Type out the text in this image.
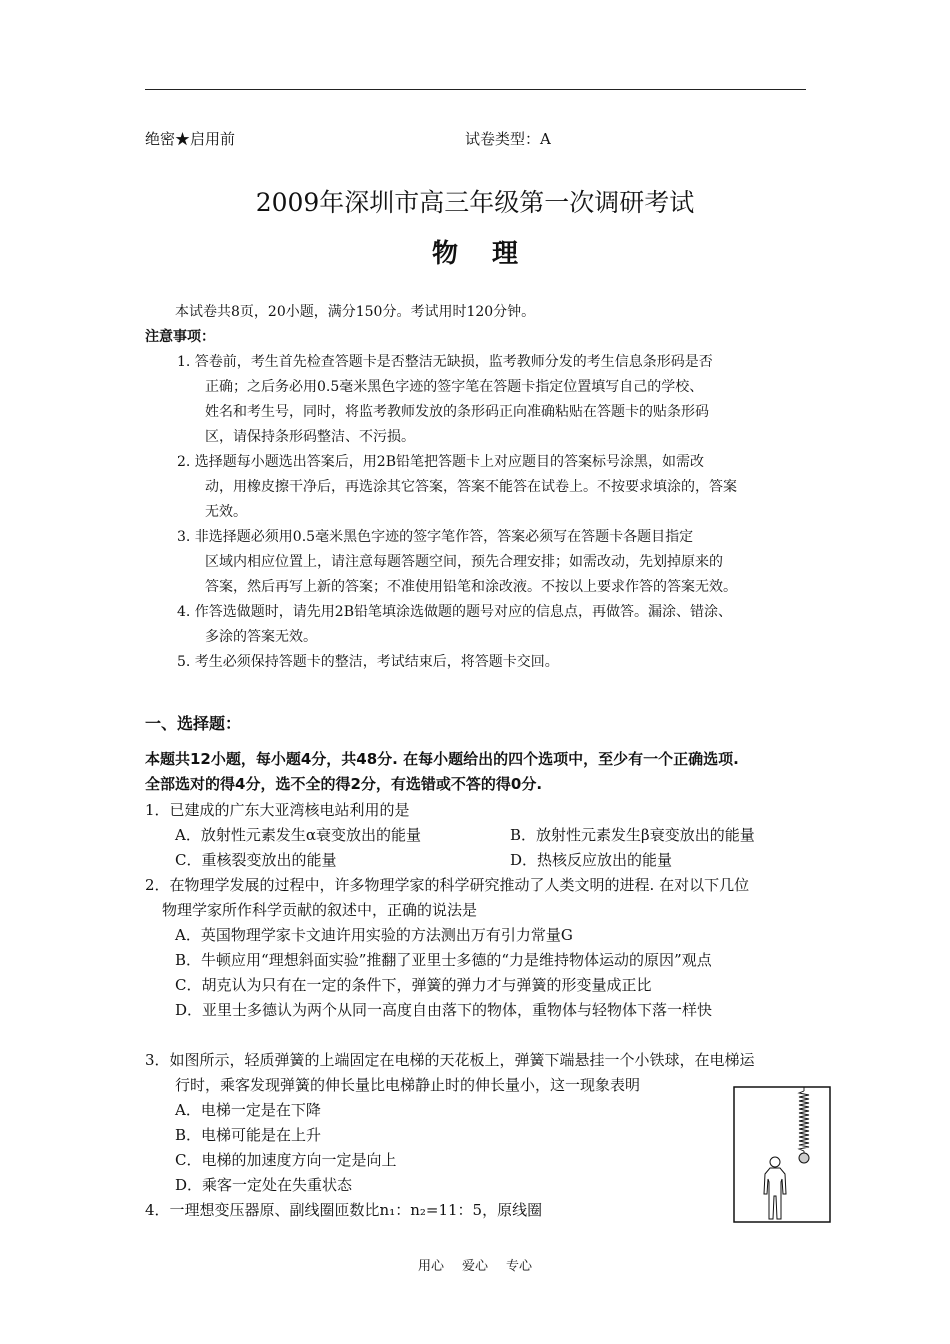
绝密★启用前	试卷类型：A
2009年深圳市高三年级第一次调研考试
物理
本试卷共8页，20小题，满分150分。考试用时120分钟。
注意事项：
1. 答卷前，考生首先检查答题卡是否整洁无缺损，监考教师分发的考生信息条形码是否
正确；之后务必用0.5毫米黑色字迹的签字笔在答题卡指定位置填写自己的学校、
姓名和考生号，同时，将监考教师发放的条形码正向准确粘贴在答题卡的贴条形码
区，请保持条形码整洁、不污损。
2. 选择题每小题选出答案后，用2B铅笔把答题卡上对应题目的答案标号涂黑，如需改
动，用橡皮擦干净后，再选涂其它答案，答案不能答在试卷上。不按要求填涂的，答案
无效。
3. 非选择题必须用0.5毫米黑色字迹的签字笔作答，答案必须写在答题卡各题目指定
区域内相应位置上，请注意每题答题空间，预先合理安排；如需改动，先划掉原来的
答案，然后再写上新的答案；不准使用铅笔和涂改液。不按以上要求作答的答案无效。
4. 作答选做题时，请先用2B铅笔填涂选做题的题号对应的信息点，再做答。漏涂、错涂、
多涂的答案无效。
5. 考生必须保持答题卡的整洁，考试结束后，将答题卡交回。
一、选择题：
本题共12小题，每小题4分，共48分. 在每小题给出的四个选项中，至少有一个正确选项.
全部选对的得4分，选不全的得2分，有选错或不答的得0分.
1．已建成的广东大亚湾核电站利用的是
A．放射性元素发生α衰变放出的能量	B．放射性元素发生β衰变放出的能量
C．重核裂变放出的能量	D．热核反应放出的能量
2．在物理学发展的过程中，许多物理学家的科学研究推动了人类文明的进程. 在对以下几位
物理学家所作科学贡献的叙述中，正确的说法是
A．英国物理学家卡文迪许用实验的方法测出万有引力常量G
B．牛顿应用“理想斜面实验”推翻了亚里士多德的“力是维持物体运动的原因”观点
C．胡克认为只有在一定的条件下，弹簧的弹力才与弹簧的形变量成正比
D．亚里士多德认为两个从同一高度自由落下的物体，重物体与轻物体下落一样快
3．如图所示，轻质弹簧的上端固定在电梯的天花板上，弹簧下端悬挂一个小铁球，在电梯运
行时，乘客发现弹簧的伸长量比电梯静止时的伸长量小，这一现象表明
A．电梯一定是在下降
B．电梯可能是在上升
C．电梯的加速度方向一定是向上
D．乘客一定处在失重状态
4．一理想变压器原、副线圈匝数比n₁：n₂=11：5，原线圈
用心 爱心 专心
